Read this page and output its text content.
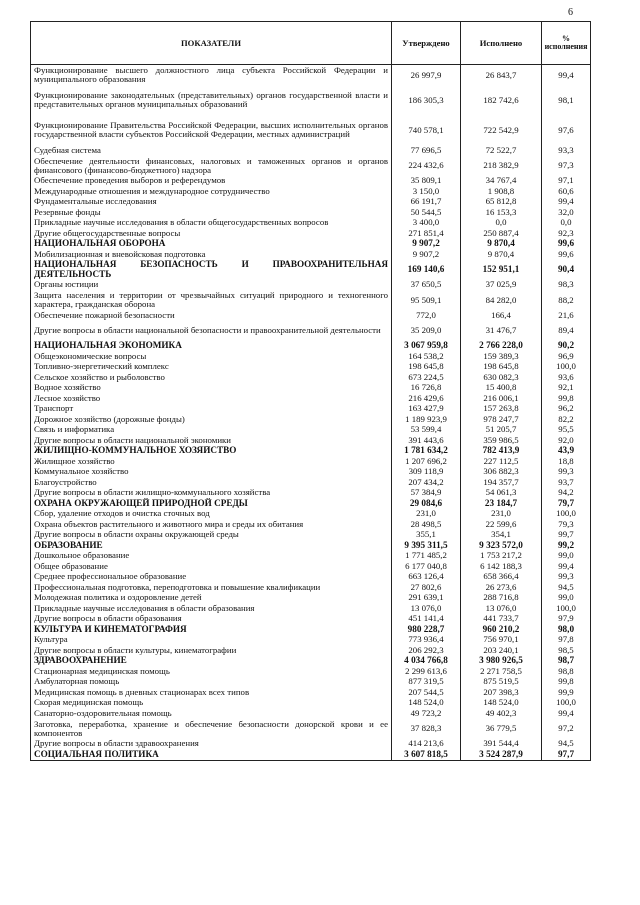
6
ПОКАЗАТЕЛИ	Утверждено	Исполнено	% исполнения
Функционирование высшего должностного лица субъекта Российской Федерации и муниципального образования	26 997,9	26 843,7	99,4
Функционирование законодательных (представительных) органов государственной власти и представительных органов муниципальных образований	186 305,3	182 742,6	98,1
Функционирование Правительства Российской Федерации, высших исполнительных органов государственной власти субъектов Российской Федерации, местных администраций	740 578,1	722 542,9	97,6
Судебная система	77 696,5	72 522,7	93,3
Обеспечение деятельности финансовых, налоговых и таможенных органов и органов финансового (финансово-бюджетного) надзора	224 432,6	218 382,9	97,3
Обеспечение проведения выборов и референдумов	35 809,1	34 767,4	97,1
Международные отношения и международное сотрудничество	3 150,0	1 908,8	60,6
Фундаментальные исследования	66 191,7	65 812,8	99,4
Резервные фонды	50 544,5	16 153,3	32,0
Прикладные научные исследования в области общегосударственных вопросов	3 400,0	0,0	0,0
Другие общегосударственные вопросы	271 851,4	250 887,4	92,3
НАЦИОНАЛЬНАЯ ОБОРОНА	9 907,2	9 870,4	99,6
Мобилизационная и вневойсковая подготовка	9 907,2	9 870,4	99,6
НАЦИОНАЛЬНАЯ БЕЗОПАСНОСТЬ И ПРАВООХРАНИТЕЛЬНАЯ ДЕЯТЕЛЬНОСТЬ	169 140,6	152 951,1	90,4
Органы юстиции	37 650,5	37 025,9	98,3
Защита населения и территории от чрезвычайных ситуаций природного и техногенного характера, гражданская оборона	95 509,1	84 282,0	88,2
Обеспечение пожарной безопасности	772,0	166,4	21,6
Другие вопросы в области национальной безопасности и правоохранительной деятельности	35 209,0	31 476,7	89,4
НАЦИОНАЛЬНАЯ ЭКОНОМИКА	3 067 959,8	2 766 228,0	90,2
Общеэкономические вопросы	164 538,2	159 389,3	96,9
Топливно-энергетический комплекс	198 645,8	198 645,8	100,0
Сельское хозяйство и рыболовство	673 224,5	630 082,3	93,6
Водное хозяйство	16 726,8	15 400,8	92,1
Лесное хозяйство	216 429,6	216 006,1	99,8
Транспорт	163 427,9	157 263,8	96,2
Дорожное хозяйство (дорожные фонды)	1 189 923,9	978 247,7	82,2
Связь и информатика	53 599,4	51 205,7	95,5
Другие вопросы в области национальной экономики	391 443,6	359 986,5	92,0
ЖИЛИЩНО-КОММУНАЛЬНОЕ ХОЗЯЙСТВО	1 781 634,2	782 413,9	43,9
Жилищное хозяйство	1 207 696,2	227 112,5	18,8
Коммунальное хозяйство	309 118,9	306 882,3	99,3
Благоустройство	207 434,2	194 357,7	93,7
Другие вопросы в области жилищно-коммунального хозяйства	57 384,9	54 061,3	94,2
ОХРАНА ОКРУЖАЮЩЕЙ ПРИРОДНОЙ СРЕДЫ	29 084,6	23 184,7	79,7
Сбор, удаление отходов и очистка сточных вод	231,0	231,0	100,0
Охрана объектов растительного и животного мира и среды их обитания	28 498,5	22 599,6	79,3
Другие вопросы в области охраны окружающей среды	355,1	354,1	99,7
ОБРАЗОВАНИЕ	9 395 311,5	9 323 572,0	99,2
Дошкольное образование	1 771 485,2	1 753 217,2	99,0
Общее образование	6 177 040,8	6 142 188,3	99,4
Среднее профессиональное образование	663 126,4	658 366,4	99,3
Профессиональная подготовка, переподготовка и повышение квалификации	27 802,6	26 273,6	94,5
Молодежная политика и оздоровление детей	291 639,1	288 716,8	99,0
Прикладные научные исследования в области образования	13 076,0	13 076,0	100,0
Другие вопросы в области образования	451 141,4	441 733,7	97,9
КУЛЬТУРА И КИНЕМАТОГРАФИЯ	980 228,7	960 210,2	98,0
Культура	773 936,4	756 970,1	97,8
Другие вопросы в области культуры, кинематографии	206 292,3	203 240,1	98,5
ЗДРАВООХРАНЕНИЕ	4 034 766,8	3 980 926,5	98,7
Стационарная медицинская помощь	2 299 613,6	2 271 758,5	98,8
Амбулаторная помощь	877 319,5	875 519,5	99,8
Медицинская помощь в дневных стационарах всех типов	207 544,5	207 398,3	99,9
Скорая медицинская помощь	148 524,0	148 524,0	100,0
Санаторно-оздоровительная помощь	49 723,2	49 402,3	99,4
Заготовка, переработка, хранение и обеспечение безопасности донорской крови и ее компонентов	37 828,3	36 779,5	97,2
Другие вопросы в области здравоохранения	414 213,6	391 544,4	94,5
СОЦИАЛЬНАЯ ПОЛИТИКА	3 607 818,5	3 524 287,9	97,7
